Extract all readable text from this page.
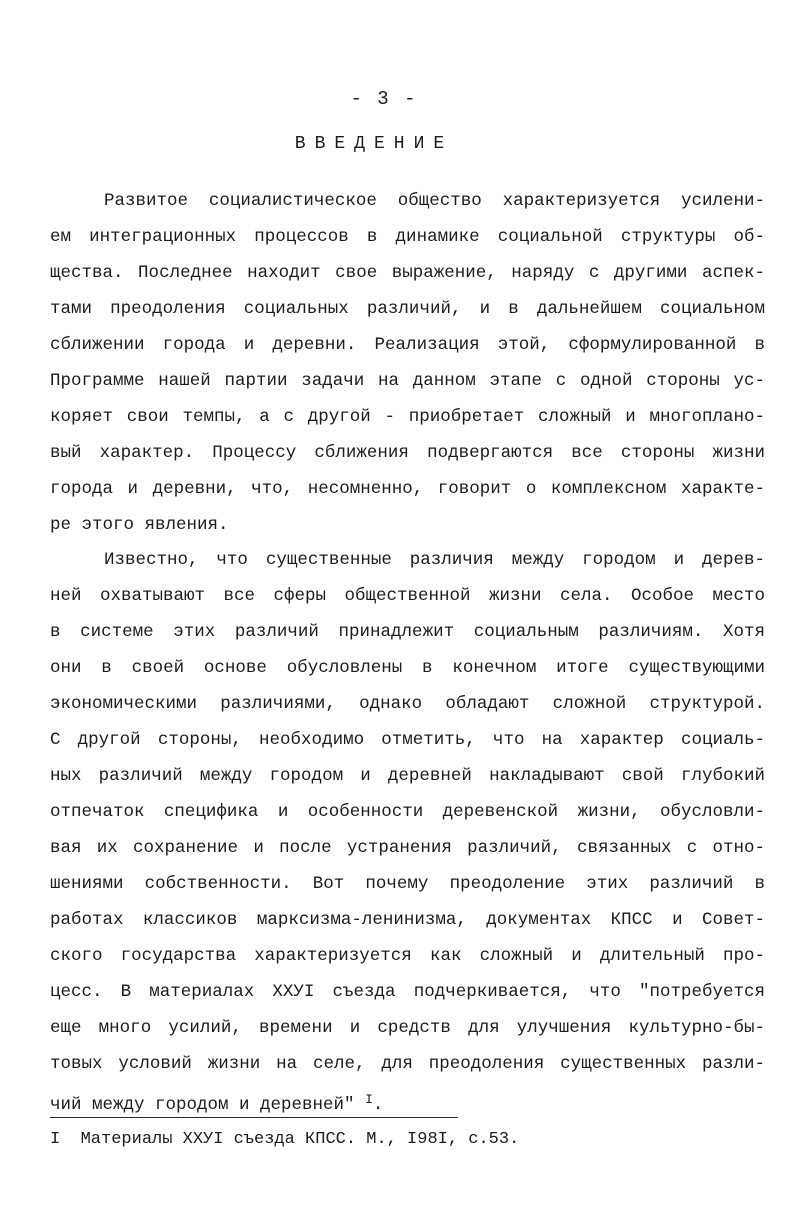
- 3 -
ВВЕДЕНИЕ
Развитое социалистическое общество характеризуется усилени-
ем интеграционных процессов в динамике социальной структуры об-
щества. Последнее находит свое выражение, наряду с другими аспек-
тами преодоления социальных различий, и в дальнейшем социальном
сближении города и деревни. Реализация этой, сформулированной в
Программе нашей партии задачи на данном этапе с одной стороны ус-
коряет свои темпы, а с другой - приобретает сложный и многоплано-
вый характер. Процессу сближения подвергаются все стороны жизни
города и деревни, что, несомненно, говорит о комплексном характе-
ре этого явления.
Известно, что существенные различия между городом и дерев-
ней охватывают все сферы общественной жизни села. Особое место
в системе этих различий принадлежит социальным различиям. Хотя
они в своей основе обусловлены в конечном итоге существующими
экономическими различиями, однако обладают сложной структурой.
С другой стороны, необходимо отметить, что на характер социаль-
ных различий между городом и деревней накладывают свой глубокий
отпечаток специфика и особенности деревенской жизни, обусловли-
вая их сохранение и после устранения различий, связанных с отно-
шениями собственности. Вот почему преодоление этих различий в
работах классиков марксизма-ленинизма, документах КПСС и Совет-
ского государства характеризуется как сложный и длительный про-
цесс. В материалах ХХУI съезда подчеркивается, что "потребуется
еще много усилий, времени и средств для улучшения культурно-бы-
товых условий жизни на селе, для преодоления существенных разли-
чий между городом и деревней" $^I$.
I  Материалы ХХУI съезда КПСС. М., I98I, с.53.
